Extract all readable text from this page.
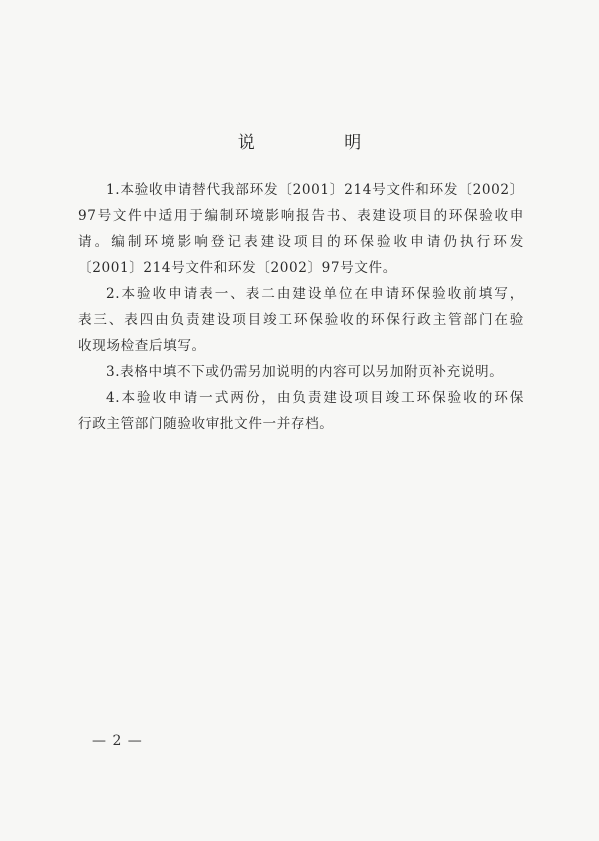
说 明
1.本验收申请替代我部环发〔2001〕214号文件和环发〔2002〕
97号文件中适用于编制环境影响报告书、表建设项目的环保验收申
请。编制环境影响登记表建设项目的环保验收申请仍执行环发
〔2001〕214号文件和环发〔2002〕97号文件。
2.本验收申请表一、表二由建设单位在申请环保验收前填写，
表三、表四由负责建设项目竣工环保验收的环保行政主管部门在验
收现场检查后填写。
3.表格中填不下或仍需另加说明的内容可以另加附页补充说明。
4.本验收申请一式两份，由负责建设项目竣工环保验收的环保
行政主管部门随验收审批文件一并存档。
— 2 —
